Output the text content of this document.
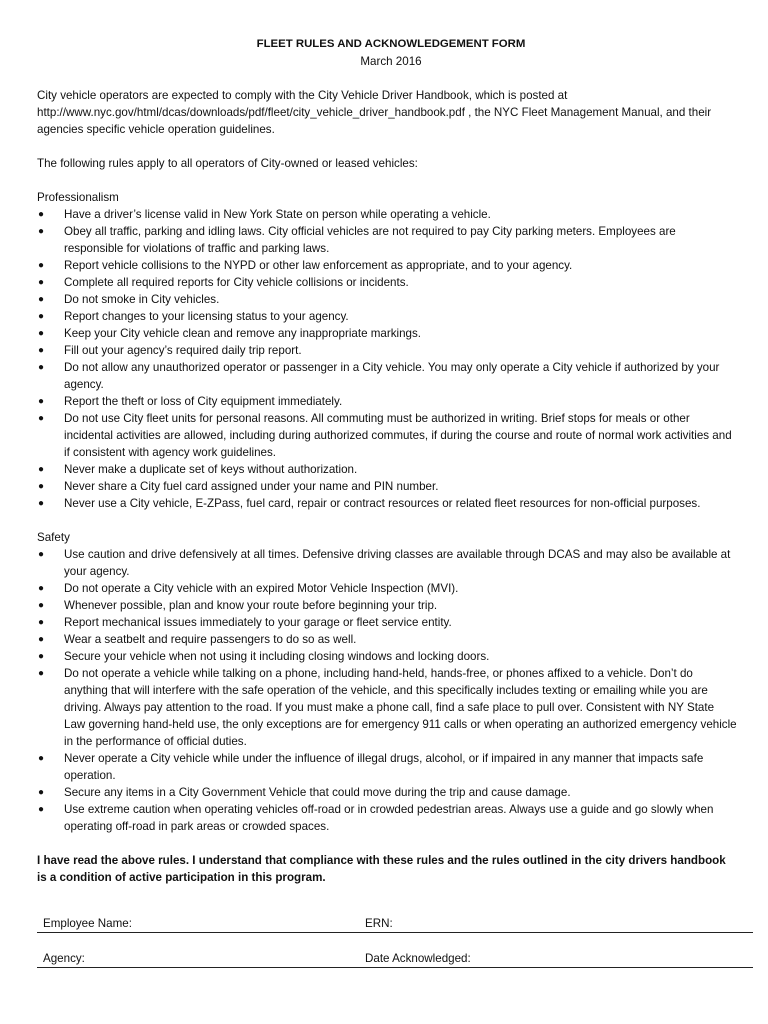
FLEET RULES AND ACKNOWLEDGEMENT FORM

March 2016

City vehicle operators are expected to comply with the City Vehicle Driver Handbook, which is posted at http://www.nyc.gov/html/dcas/downloads/pdf/fleet/city_vehicle_driver_handbook.pdf , the NYC Fleet Management Manual, and their agencies specific vehicle operation guidelines.

The following rules apply to all operators of City-owned or leased vehicles:

Professionalism

● Have a driver’s license valid in New York State on person while operating a vehicle.
● Obey all traffic, parking and idling laws. City official vehicles are not required to pay City parking meters. Employees are responsible for violations of traffic and parking laws.
● Report vehicle collisions to the NYPD or other law enforcement as appropriate, and to your agency.
● Complete all required reports for City vehicle collisions or incidents.
● Do not smoke in City vehicles.
● Report changes to your licensing status to your agency.
● Keep your City vehicle clean and remove any inappropriate markings.
● Fill out your agency’s required daily trip report.
● Do not allow any unauthorized operator or passenger in a City vehicle. You may only operate a City vehicle if authorized by your agency.
● Report the theft or loss of City equipment immediately.
● Do not use City fleet units for personal reasons. All commuting must be authorized in writing. Brief stops for meals or other incidental activities are allowed, including during authorized commutes, if during the course and route of normal work activities and if consistent with agency work guidelines.
● Never make a duplicate set of keys without authorization.
● Never share a City fuel card assigned under your name and PIN number.
● Never use a City vehicle, E-ZPass, fuel card, repair or contract resources or related fleet resources for non-official purposes.

Safety

● Use caution and drive defensively at all times. Defensive driving classes are available through DCAS and may also be available at your agency.
● Do not operate a City vehicle with an expired Motor Vehicle Inspection (MVI).
● Whenever possible, plan and know your route before beginning your trip.
● Report mechanical issues immediately to your garage or fleet service entity.
● Wear a seatbelt and require passengers to do so as well.
● Secure your vehicle when not using it including closing windows and locking doors.
● Do not operate a vehicle while talking on a phone, including hand-held, hands-free, or phones affixed to a vehicle. Don’t do anything that will interfere with the safe operation of the vehicle, and this specifically includes texting or emailing while you are driving. Always pay attention to the road. If you must make a phone call, find a safe place to pull over. Consistent with NY State Law governing hand-held use, the only exceptions are for emergency 911 calls or when operating an authorized emergency vehicle in the performance of official duties.
● Never operate a City vehicle while under the influence of illegal drugs, alcohol, or if impaired in any manner that impacts safe operation.
● Secure any items in a City Government Vehicle that could move during the trip and cause damage.
● Use extreme caution when operating vehicles off-road or in crowded pedestrian areas. Always use a guide and go slowly when operating off-road in park areas or crowded spaces.

I have read the above rules. I understand that compliance with these rules and the rules outlined in the city drivers handbook is a condition of active participation in this program.

Employee Name:	ERN:
Agency:	Date Acknowledged:
